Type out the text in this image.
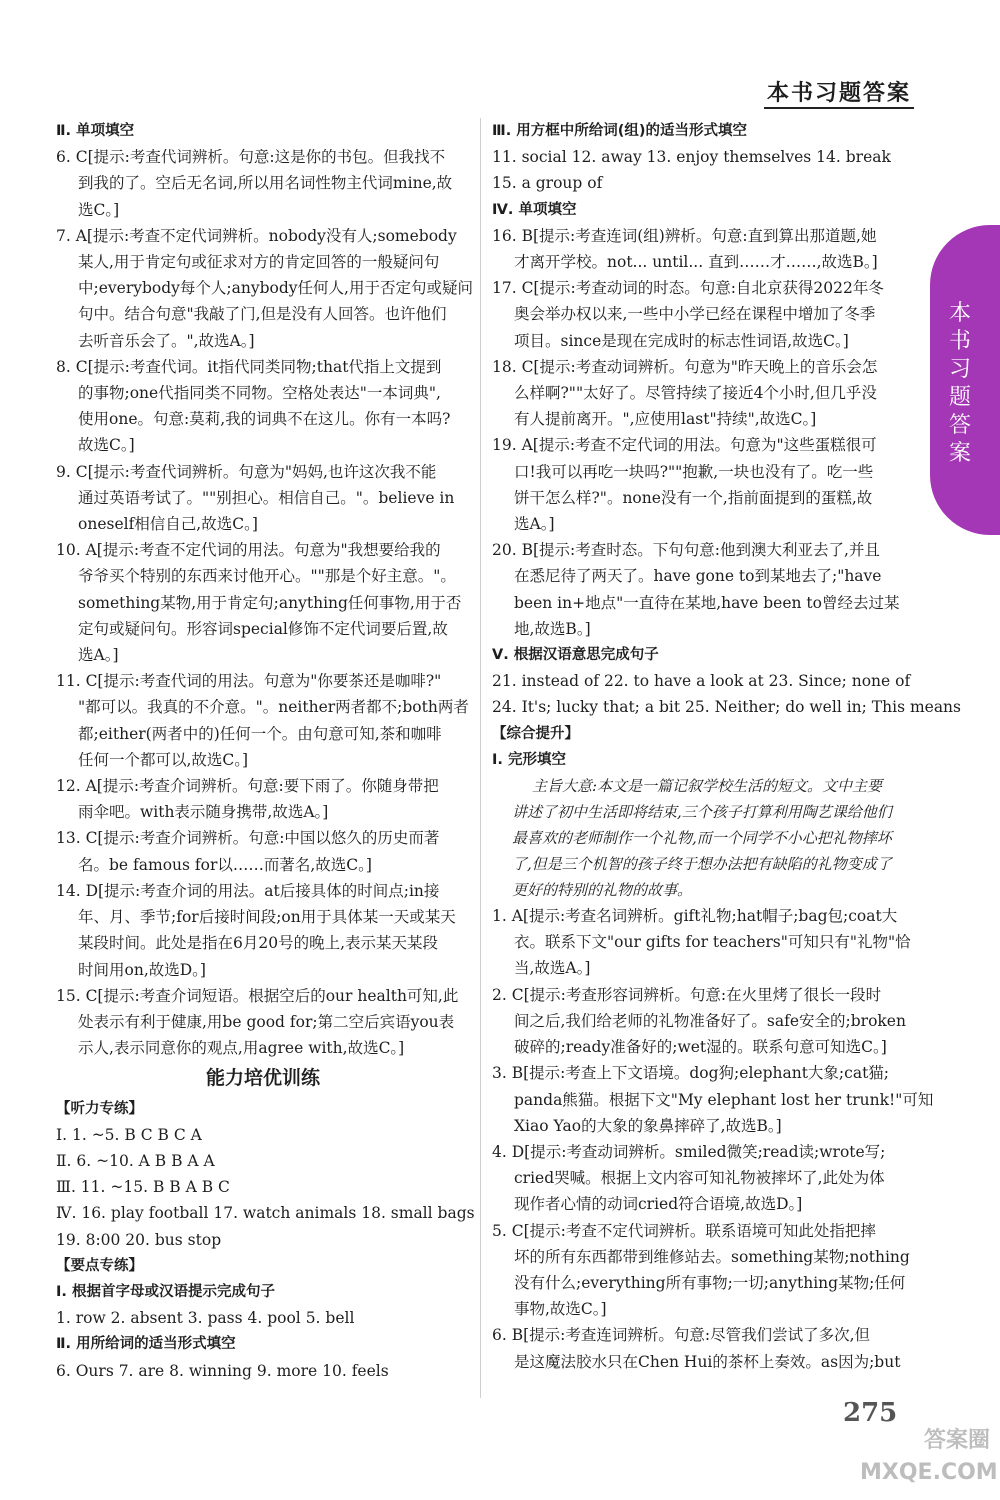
本书习题答案
本
书
习
题
答
案
Ⅱ. 单项填空
6. C[提示:考查代词辨析。句意:这是你的书包。但我找不
到我的了。空后无名词,所以用名词性物主代词mine,故
选C。]
7. A[提示:考查不定代词辨析。nobody没有人;somebody
某人,用于肯定句或征求对方的肯定回答的一般疑问句
中;everybody每个人;anybody任何人,用于否定句或疑问
句中。结合句意"我敲了门,但是没有人回答。也许他们
去听音乐会了。",故选A。]
8. C[提示:考查代词。it指代同类同物;that代指上文提到
的事物;one代指同类不同物。空格处表达"一本词典",
使用one。句意:莫莉,我的词典不在这儿。你有一本吗?
故选C。]
9. C[提示:考查代词辨析。句意为"妈妈,也许这次我不能
通过英语考试了。""别担心。相信自己。"。believe in
oneself相信自己,故选C。]
10. A[提示:考查不定代词的用法。句意为"我想要给我的
爷爷买个特别的东西来讨他开心。""那是个好主意。"。
something某物,用于肯定句;anything任何事物,用于否
定句或疑问句。形容词special修饰不定代词要后置,故
选A。]
11. C[提示:考查代词的用法。句意为"你要茶还是咖啡?"
"都可以。我真的不介意。"。neither两者都不;both两者
都;either(两者中的)任何一个。由句意可知,茶和咖啡
任何一个都可以,故选C。]
12. A[提示:考查介词辨析。句意:要下雨了。你随身带把
雨伞吧。with表示随身携带,故选A。]
13. C[提示:考查介词辨析。句意:中国以悠久的历史而著
名。be famous for以……而著名,故选C。]
14. D[提示:考查介词的用法。at后接具体的时间点;in接
年、月、季节;for后接时间段;on用于具体某一天或某天
某段时间。此处是指在6月20号的晚上,表示某天某段
时间用on,故选D。]
15. C[提示:考查介词短语。根据空后的our health可知,此
处表示有利于健康,用be good for;第二空后宾语you表
示人,表示同意你的观点,用agree with,故选C。]
能力培优训练
【听力专练】
Ⅰ. 1. ~5. B C B C A
Ⅱ. 6. ~10. A B B A A
Ⅲ. 11. ~15. B B A B C
Ⅳ. 16. play football 17. watch animals 18. small bags
19. 8:00 20. bus stop
【要点专练】
Ⅰ. 根据首字母或汉语提示完成句子
1. row 2. absent 3. pass 4. pool 5. bell
Ⅱ. 用所给词的适当形式填空
6. Ours 7. are 8. winning 9. more 10. feels
Ⅲ. 用方框中所给词(组)的适当形式填空
11. social 12. away 13. enjoy themselves 14. break
15. a group of
Ⅳ. 单项填空
16. B[提示:考查连词(组)辨析。句意:直到算出那道题,她
才离开学校。not... until... 直到……才……,故选B。]
17. C[提示:考查动词的时态。句意:自北京获得2022年冬
奥会举办权以来,一些中小学已经在课程中增加了冬季
项目。since是现在完成时的标志性词语,故选C。]
18. C[提示:考查动词辨析。句意为"昨天晚上的音乐会怎
么样啊?""太好了。尽管持续了接近4个小时,但几乎没
有人提前离开。",应使用last"持续",故选C。]
19. A[提示:考查不定代词的用法。句意为"这些蛋糕很可
口!我可以再吃一块吗?""抱歉,一块也没有了。吃一些
饼干怎么样?"。none没有一个,指前面提到的蛋糕,故
选A。]
20. B[提示:考查时态。下句句意:他到澳大利亚去了,并且
在悉尼待了两天了。have gone to到某地去了;"have
been in+地点"一直待在某地,have been to曾经去过某
地,故选B。]
Ⅴ. 根据汉语意思完成句子
21. instead of 22. to have a look at 23. Since; none of
24. It's; lucky that; a bit 25. Neither; do well in; This means
【综合提升】
Ⅰ. 完形填空
主旨大意:本文是一篇记叙学校生活的短文。文中主要
讲述了初中生活即将结束,三个孩子打算利用陶艺课给他们
最喜欢的老师制作一个礼物,而一个同学不小心把礼物摔坏
了,但是三个机智的孩子终于想办法把有缺陷的礼物变成了
更好的特别的礼物的故事。
1. A[提示:考查名词辨析。gift礼物;hat帽子;bag包;coat大
衣。联系下文"our gifts for teachers"可知只有"礼物"恰
当,故选A。]
2. C[提示:考查形容词辨析。句意:在火里烤了很长一段时
间之后,我们给老师的礼物准备好了。safe安全的;broken
破碎的;ready准备好的;wet湿的。联系句意可知选C。]
3. B[提示:考查上下文语境。dog狗;elephant大象;cat猫;
panda熊猫。根据下文"My elephant lost her trunk!"可知
Xiao Yao的大象的象鼻摔碎了,故选B。]
4. D[提示:考查动词辨析。smiled微笑;read读;wrote写;
cried哭喊。根据上文内容可知礼物被摔坏了,此处为体
现作者心情的动词cried符合语境,故选D。]
5. C[提示:考查不定代词辨析。联系语境可知此处指把摔
坏的所有东西都带到维修站去。something某物;nothing
没有什么;everything所有事物;一切;anything某物;任何
事物,故选C。]
6. B[提示:考查连词辨析。句意:尽管我们尝试了多次,但
是这魔法胶水只在Chen Hui的茶杯上奏效。as因为;but
275
答案圈
MXQE.COM
